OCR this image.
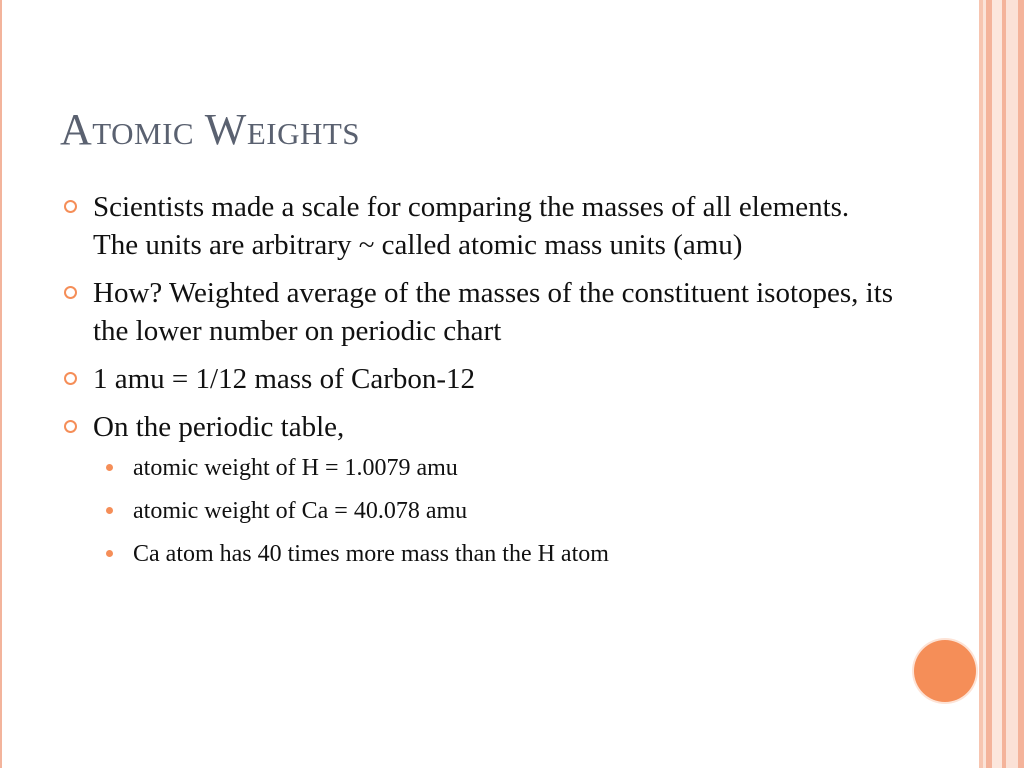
Atomic Weights
Scientists made a scale for comparing the masses of all elements. The units are arbitrary ~ called atomic mass units (amu)
How? Weighted average of the masses of the constituent isotopes, its the lower number on periodic chart
1 amu = 1/12 mass of Carbon-12
On the periodic table,
atomic weight of H = 1.0079 amu
atomic weight of Ca = 40.078 amu
Ca atom has 40 times more mass than the H atom
